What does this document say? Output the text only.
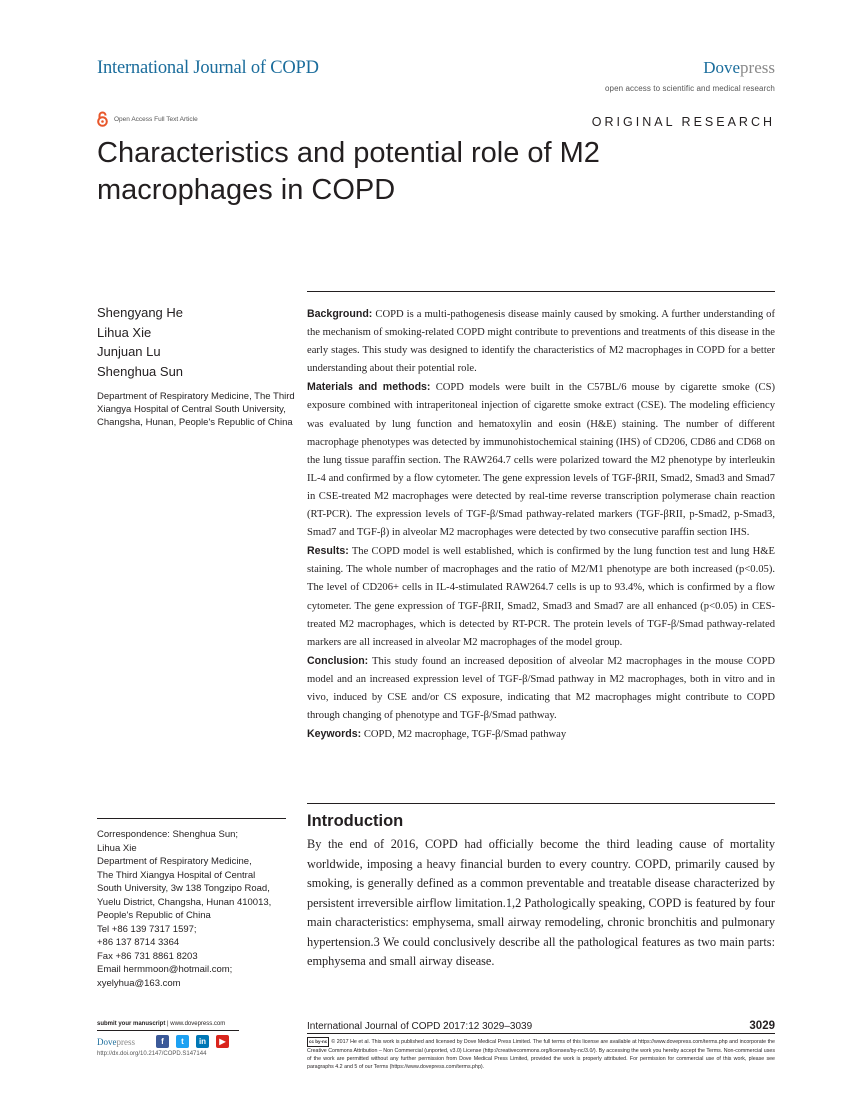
International Journal of COPD	Dovepress
open access to scientific and medical research
Open Access Full Text Article	ORIGINAL RESEARCH
Characteristics and potential role of M2 macrophages in COPD
Shengyang He
Lihua Xie
Junjuan Lu
Shenghua Sun
Department of Respiratory Medicine, The Third Xiangya Hospital of Central South University, Changsha, Hunan, People's Republic of China

Background: COPD is a multi-pathogenesis disease mainly caused by smoking. A further understanding of the mechanism of smoking-related COPD might contribute to preventions and treatments of this disease in the early stages. This study was designed to identify the characteristics of M2 macrophages in COPD for a better understanding about their potential role.

Materials and methods: COPD models were built in the C57BL/6 mouse by cigarette smoke (CS) exposure combined with intraperitoneal injection of cigarette smoke extract (CSE). The modeling efficiency was evaluated by lung function and hematoxylin and eosin (H&E) staining. The number of different macrophage phenotypes was detected by immunohistochemical staining (IHS) of CD206, CD86 and CD68 on the lung tissue paraffin section. The RAW264.7 cells were polarized toward the M2 phenotype by interleukin IL-4 and confirmed by a flow cytometer. The gene expression levels of TGF-βRII, Smad2, Smad3 and Smad7 in CSE-treated M2 macrophages were detected by real-time reverse transcription polymerase chain reaction (RT-PCR). The expression levels of TGF-β/Smad pathway-related markers (TGF-βRII, p-Smad2, p-Smad3, Smad7 and TGF-β) in alveolar M2 macrophages were detected by two consecutive paraffin section IHS.

Results: The COPD model is well established, which is confirmed by the lung function test and lung H&E staining. The whole number of macrophages and the ratio of M2/M1 phenotype are both increased (p<0.05). The level of CD206+ cells in IL-4-stimulated RAW264.7 cells is up to 93.4%, which is confirmed by a flow cytometer. The gene expression of TGF-βRII, Smad2, Smad3 and Smad7 are all enhanced (p<0.05) in CES-treated M2 macrophages, which is detected by RT-PCR. The protein levels of TGF-β/Smad pathway-related markers are all increased in alveolar M2 macrophages of the model group.

Conclusion: This study found an increased deposition of alveolar M2 macrophages in the mouse COPD model and an increased expression level of TGF-β/Smad pathway in M2 macrophages, both in vitro and in vivo, induced by CSE and/or CS exposure, indicating that M2 macrophages might contribute to COPD through changing of phenotype and TGF-β/Smad pathway.

Keywords: COPD, M2 macrophage, TGF-β/Smad pathway

Introduction
By the end of 2016, COPD had officially become the third leading cause of mortality worldwide, imposing a heavy financial burden to every country. COPD, primarily caused by smoking, is generally defined as a common preventable and treatable disease characterized by persistent irreversible airflow limitation.1,2 Pathologically speaking, COPD is featured by four main characteristics: emphysema, small airway remodeling, chronic bronchitis and pulmonary hypertension.3 We could conclusively describe all the pathological features as two main parts: emphysema and small airway disease.
Correspondence: Shenghua Sun;
Lihua Xie
Department of Respiratory Medicine,
The Third Xiangya Hospital of Central
South University, 3w 138 Tongzipo Road,
Yuelu District, Changsha, Hunan 410013,
People's Republic of China
Tel +86 139 7317 1597;
+86 137 8714 3364
Fax +86 731 8861 8203
Email hermmoon@hotmail.com;
xyelyhua@163.com
submit your manuscript | www.dovepress.com
Dovepress	f	t	in	▶
http://dx.doi.org/10.2147/COPD.S147144
International Journal of COPD 2017:12 3029–3039	3029
cc by-nc © 2017 He et al. This work is published and licensed by Dove Medical Press Limited. The full terms of this license are available at https://www.dovepress.com/terms.php and incorporate the Creative Commons Attribution – Non Commercial (unported, v3.0) License (http://creativecommons.org/licenses/by-nc/3.0/). By accessing the work you hereby accept the Terms. Non-commercial uses of the work are permitted without any further permission from Dove Medical Press Limited, provided the work is properly attributed. For permission for commercial use of this work, please see paragraphs 4.2 and 5 of our Terms (https://www.dovepress.com/terms.php).
